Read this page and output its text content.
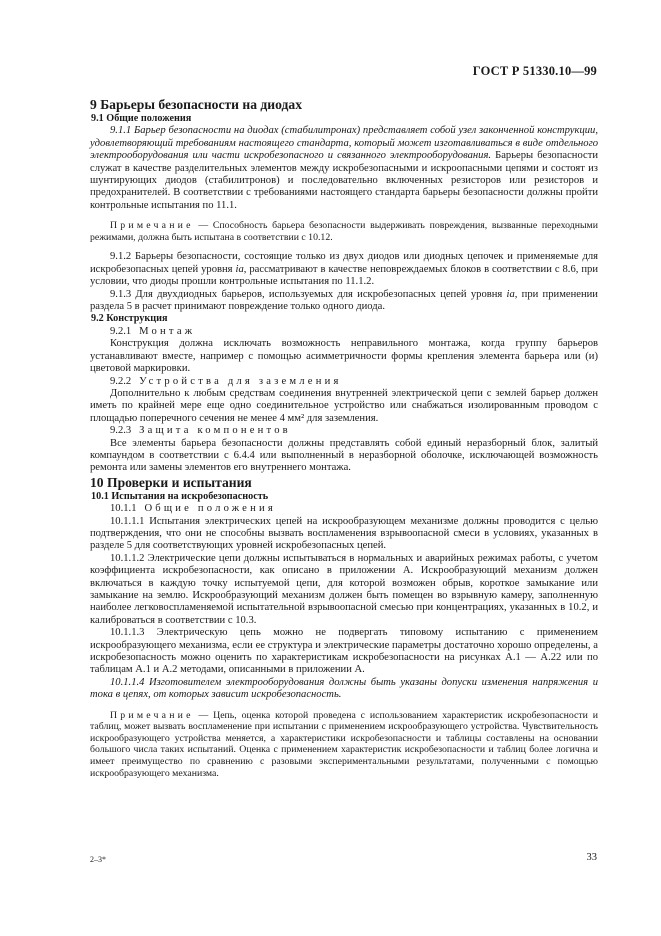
ГОСТ Р 51330.10—99

9 Барьеры безопасности на диодах

9.1 Общие положения

9.1.1 Барьер безопасности на диодах (стабилитронах) представляет собой узел законченной конструкции, удовлетворяющий требованиям настоящего стандарта, который может изготавливаться в виде отдельного электрооборудования или части искробезопасного и связанного электрооборудования. Барьеры безопасности служат в качестве разделительных элементов между искробезопасными и искроопасными цепями и состоят из шунтирующих диодов (стабилитронов) и последовательно включенных резисторов или резисторов и предохранителей. В соответствии с требованиями настоящего стандарта барьеры безопасности должны пройти контрольные испытания по 11.1.

Примечание — Способность барьера безопасности выдерживать повреждения, вызванные переходными режимами, должна быть испытана в соответствии с 10.12.

9.1.2 Барьеры безопасности, состоящие только из двух диодов или диодных цепочек и применяемые для искробезопасных цепей уровня ia, рассматривают в качестве неповреждаемых блоков в соответствии с 8.6, при условии, что диоды прошли контрольные испытания по 11.1.2.

9.1.3 Для двухдиодных барьеров, используемых для искробезопасных цепей уровня ia, при применении раздела 5 в расчет принимают повреждение только одного диода.

9.2 Конструкция

9.2.1 Монтаж

Конструкция должна исключать возможность неправильного монтажа, когда группу барьеров устанавливают вместе, например с помощью асимметричности формы крепления элемента барьера или (и) цветовой маркировки.

9.2.2 Устройства для заземления

Дополнительно к любым средствам соединения внутренней электрической цепи с землей барьер должен иметь по крайней мере еще одно соединительное устройство или снабжаться изолированным проводом с площадью поперечного сечения не менее 4 мм² для заземления.

9.2.3 Защита компонентов

Все элементы барьера безопасности должны представлять собой единый неразборный блок, залитый компаундом в соответствии с 6.4.4 или выполненный в неразборной оболочке, исключающей возможность ремонта или замены элементов его внутреннего монтажа.

10 Проверки и испытания

10.1 Испытания на искробезопасность

10.1.1 Общие положения

10.1.1.1 Испытания электрических цепей на искрообразующем механизме должны проводится с целью подтверждения, что они не способны вызвать воспламенения взрывоопасной смеси в условиях, указанных в разделе 5 для соответствующих уровней искробезопасных цепей.

10.1.1.2 Электрические цепи должны испытываться в нормальных и аварийных режимах работы, с учетом коэффициента искробезопасности, как описано в приложении А. Искрообразующий механизм должен включаться в каждую точку испытуемой цепи, для которой возможен обрыв, короткое замыкание или замыкание на землю. Искрообразующий механизм должен быть помещен во взрывную камеру, заполненную наиболее легковоспламеняемой испытательной взрывоопасной смесью при концентрациях, указанных в 10.2, и калиброваться в соответствии с 10.3.

10.1.1.3 Электрическую цепь можно не подвергать типовому испытанию с применением искрообразующего механизма, если ее структура и электрические параметры достаточно хорошо определены, а искробезопасность можно оценить по характеристикам искробезопасности на рисунках А.1 — А.22 или по таблицам А.1 и А.2 методами, описанными в приложении А.

10.1.1.4 Изготовителем электрооборудования должны быть указаны допуски изменения напряжения и тока в цепях, от которых зависит искробезопасность.

Примечание — Цепь, оценка которой проведена с использованием характеристик искробезопасности и таблиц, может вызвать воспламенение при испытании с применением искрообразующего устройства. Чувствительность искрообразующего устройства меняется, а характеристики искробезопасности и таблицы составлены на основании большого числа таких испытаний. Оценка с применением характеристик искробезопасности и таблиц более логична и имеет преимущество по сравнению с разовыми экспериментальными результатами, полученными с помощью искрообразующего механизма.

2–3*	33
